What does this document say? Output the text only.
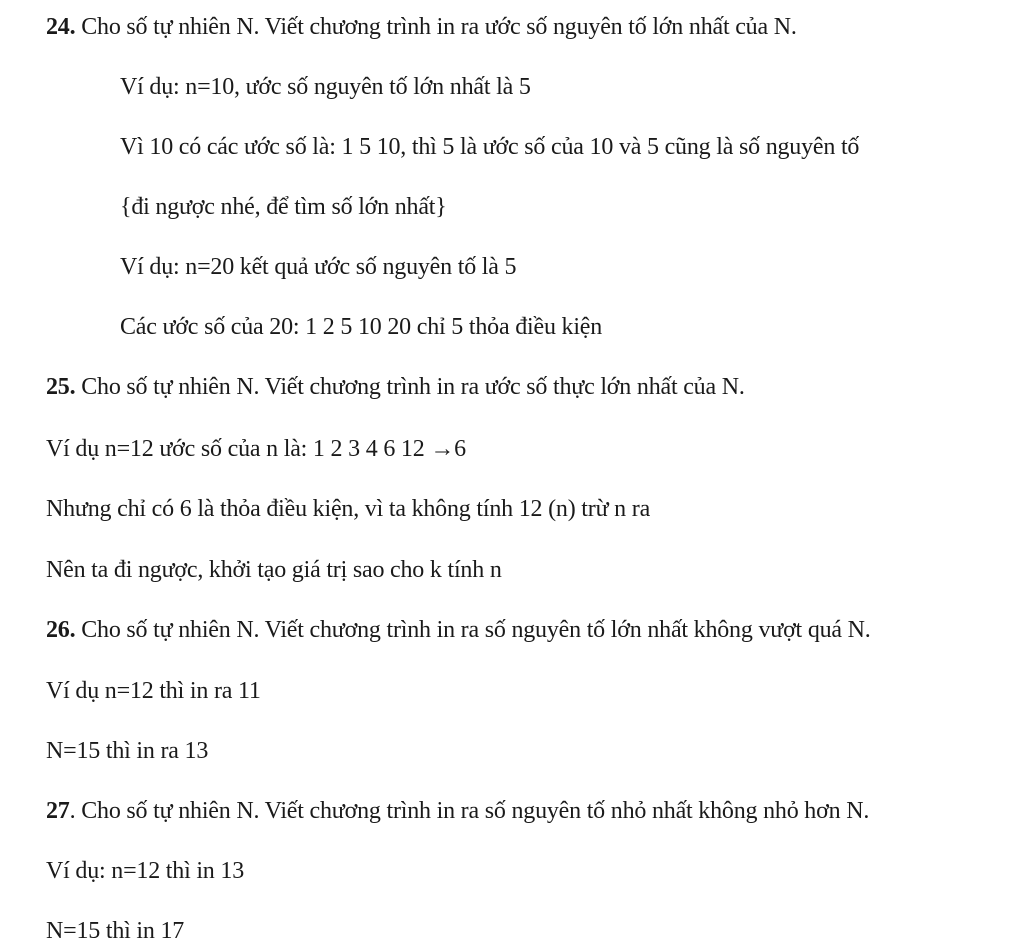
24. Cho số tự nhiên N. Viết chương trình in ra ước số nguyên tố lớn nhất của N.
Ví dụ: n=10, ước số nguyên tố lớn nhất là 5
Vì 10 có các ước số là: 1 5 10, thì 5 là ước số của 10 và 5 cũng là số nguyên tố
{đi ngược nhé, để tìm số lớn nhất}
Ví dụ: n=20 kết quả ước số nguyên tố là 5
Các ước số của 20: 1 2 5 10 20 chỉ 5 thỏa điều kiện
25. Cho số tự nhiên N. Viết chương trình in ra ước số thực lớn nhất của N.
Ví dụ n=12 ước số của n là: 1 2 3 4 6 12 →6
Nhưng chỉ có 6 là thỏa điều kiện, vì ta không tính 12 (n) trừ n ra
Nên ta đi ngược, khởi tạo giá trị sao cho k tính n
26. Cho số tự nhiên N. Viết chương trình in ra số nguyên tố lớn nhất không vượt quá N.
Ví dụ n=12 thì in ra 11
N=15 thì in ra 13
27. Cho số tự nhiên N. Viết chương trình in ra số nguyên tố nhỏ nhất không nhỏ hơn N.
Ví dụ: n=12 thì in 13
N=15 thì in 17
